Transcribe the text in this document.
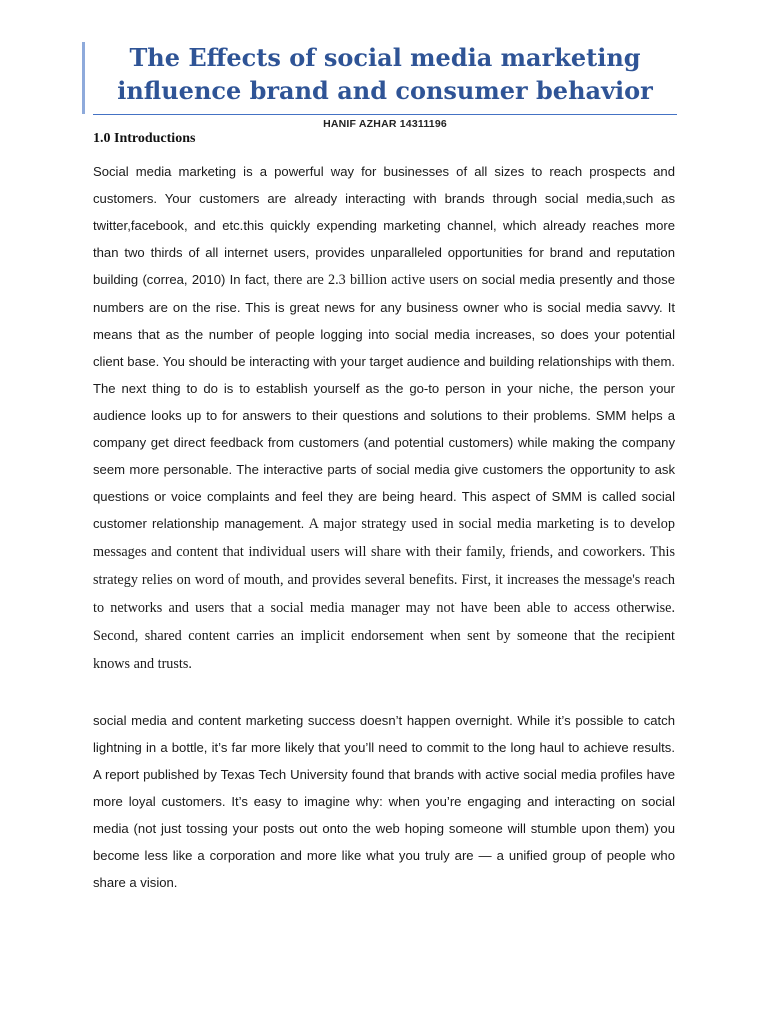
The Effects of social media marketing
influence brand and consumer behavior
HANIF AZHAR 14311196
1.0 Introductions

Social media marketing is a powerful way for businesses of all sizes to reach prospects and customers. Your customers are already interacting with brands through social media,such as twitter,facebook, and etc.this quickly expending marketing channel, which already reaches more than two thirds of all internet users, provides unparalleled opportunities for brand and reputation building (correa, 2010) In fact, there are 2.3 billion active users on social media presently and those numbers are on the rise. This is great news for any business owner who is social media savvy. It means that as the number of people logging into social media increases, so does your potential client base. You should be interacting with your target audience and building relationships with them. The next thing to do is to establish yourself as the go-to person in your niche, the person your audience looks up to for answers to their questions and solutions to their problems. SMM helps a company get direct feedback from customers (and potential customers) while making the company seem more personable. The interactive parts of social media give customers the opportunity to ask questions or voice complaints and feel they are being heard. This aspect of SMM is called social customer relationship management. A major strategy used in social media marketing is to develop messages and content that individual users will share with their family, friends, and coworkers. This strategy relies on word of mouth, and provides several benefits. First, it increases the message's reach to networks and users that a social media manager may not have been able to access otherwise. Second, shared content carries an implicit endorsement when sent by someone that the recipient knows and trusts.

social media and content marketing success doesn’t happen overnight. While it’s possible to catch lightning in a bottle, it’s far more likely that you’ll need to commit to the long haul to achieve results. A report published by Texas Tech University found that brands with active social media profiles have more loyal customers. It’s easy to imagine why: when you’re engaging and interacting on social media (not just tossing your posts out onto the web hoping someone will stumble upon them) you become less like a corporation and more like what you truly are — a unified group of people who share a vision.
